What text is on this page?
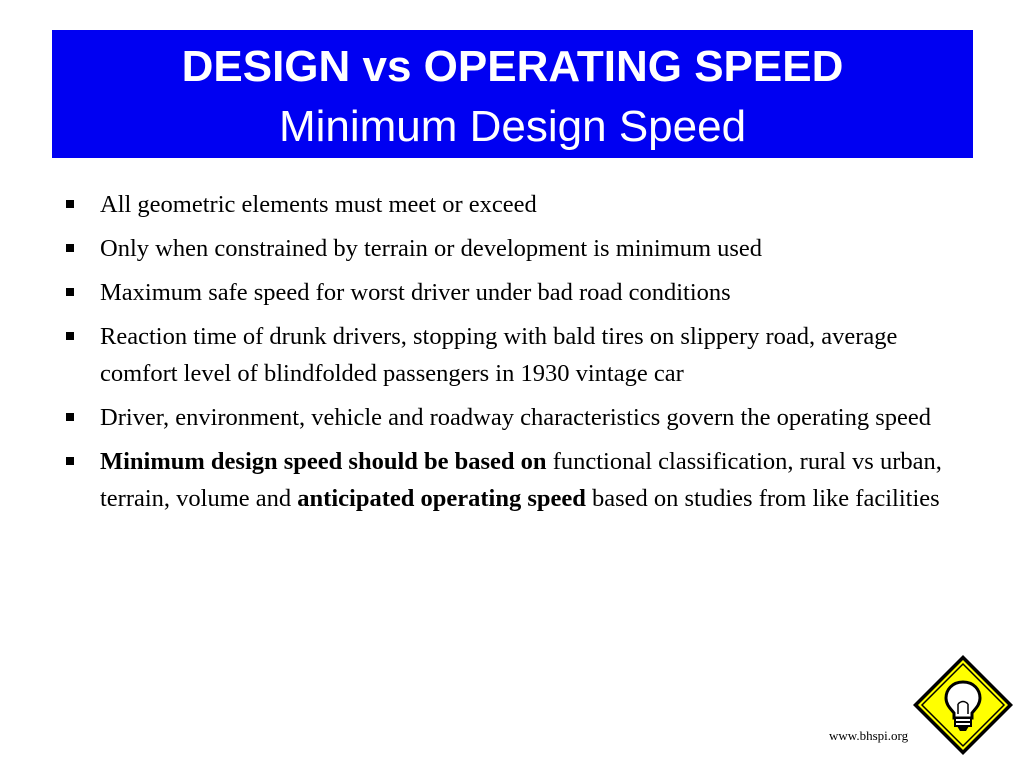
DESIGN vs OPERATING SPEED
Minimum Design Speed
All geometric elements must meet or exceed
Only when constrained by terrain or development is minimum used
Maximum safe speed for worst driver under bad road conditions
Reaction time of drunk drivers, stopping with bald tires on slippery road, average comfort level of blindfolded passengers in 1930 vintage car
Driver, environment, vehicle and roadway characteristics govern the operating speed
Minimum design speed should be based on functional classification, rural vs urban, terrain, volume and anticipated operating speed based on studies from like facilities
www.bhspi.org
